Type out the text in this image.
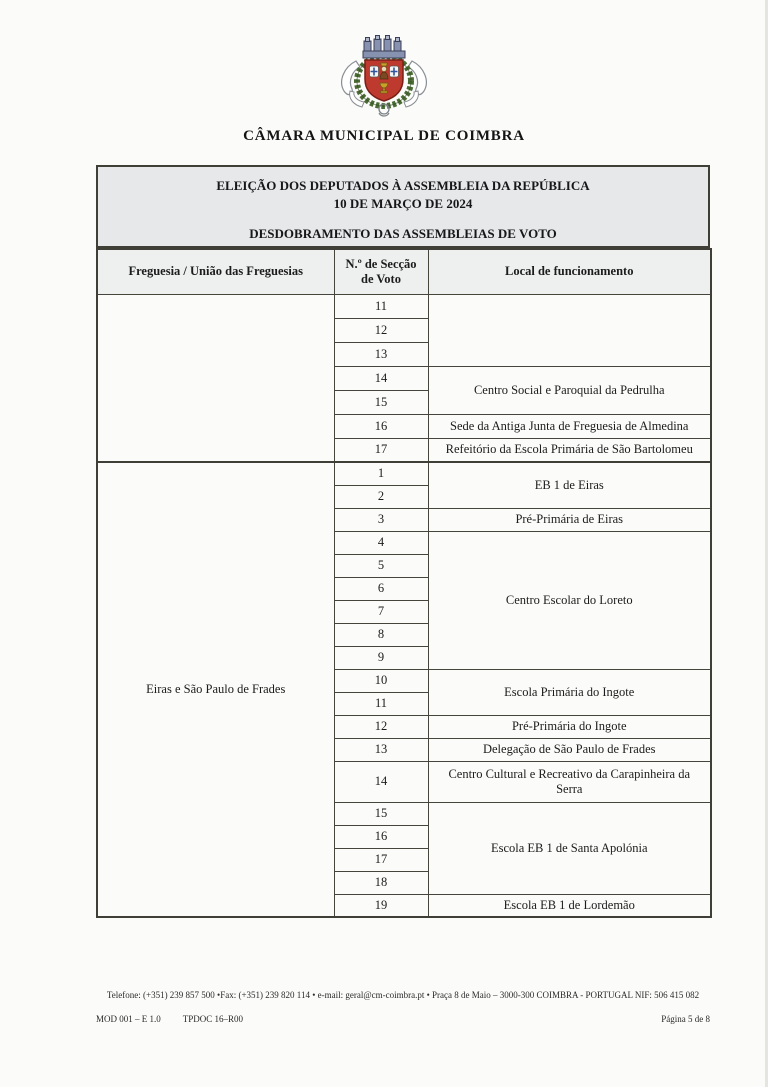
CÂMARA MUNICIPAL DE COIMBRA
ELEIÇÃO DOS DEPUTADOS À ASSEMBLEIA DA REPÚBLICA
10 DE MARÇO DE 2024
DESDOBRAMENTO DAS ASSEMBLEIAS DE VOTO
Freguesia / União das Freguesias	N.º de Secção de Voto	Local de funcionamento
	11	
	12	
	13	
	14	Centro Social e Paroquial da Pedrulha
	15	
	16	Sede da Antiga Junta de Freguesia de Almedina
	17	Refeitório da Escola Primária de São Bartolomeu
Eiras e São Paulo de Frades	1	EB 1 de Eiras
	2	
	3	Pré-Primária de Eiras
	4	Centro Escolar do Loreto
	5	
	6	
	7	
	8	
	9	
	10	Escola Primária do Ingote
	11	
	12	Pré-Primária do Ingote
	13	Delegação de São Paulo de Frades
	14	Centro Cultural e Recreativo da Carapinheira da Serra
	15	Escola EB 1 de Santa Apolónia
	16	
	17	
	18	
	19	Escola EB 1 de Lordemão
Telefone: (+351) 239 857 500 •Fax: (+351) 239 820 114 • e-mail: geral@cm-coimbra.pt • Praça 8 de Maio – 3000-300 COIMBRA - PORTUGAL NIF: 506 415 082
MOD 001 – E 1.0 TPDOC 16–R00	Página 5 de 8
